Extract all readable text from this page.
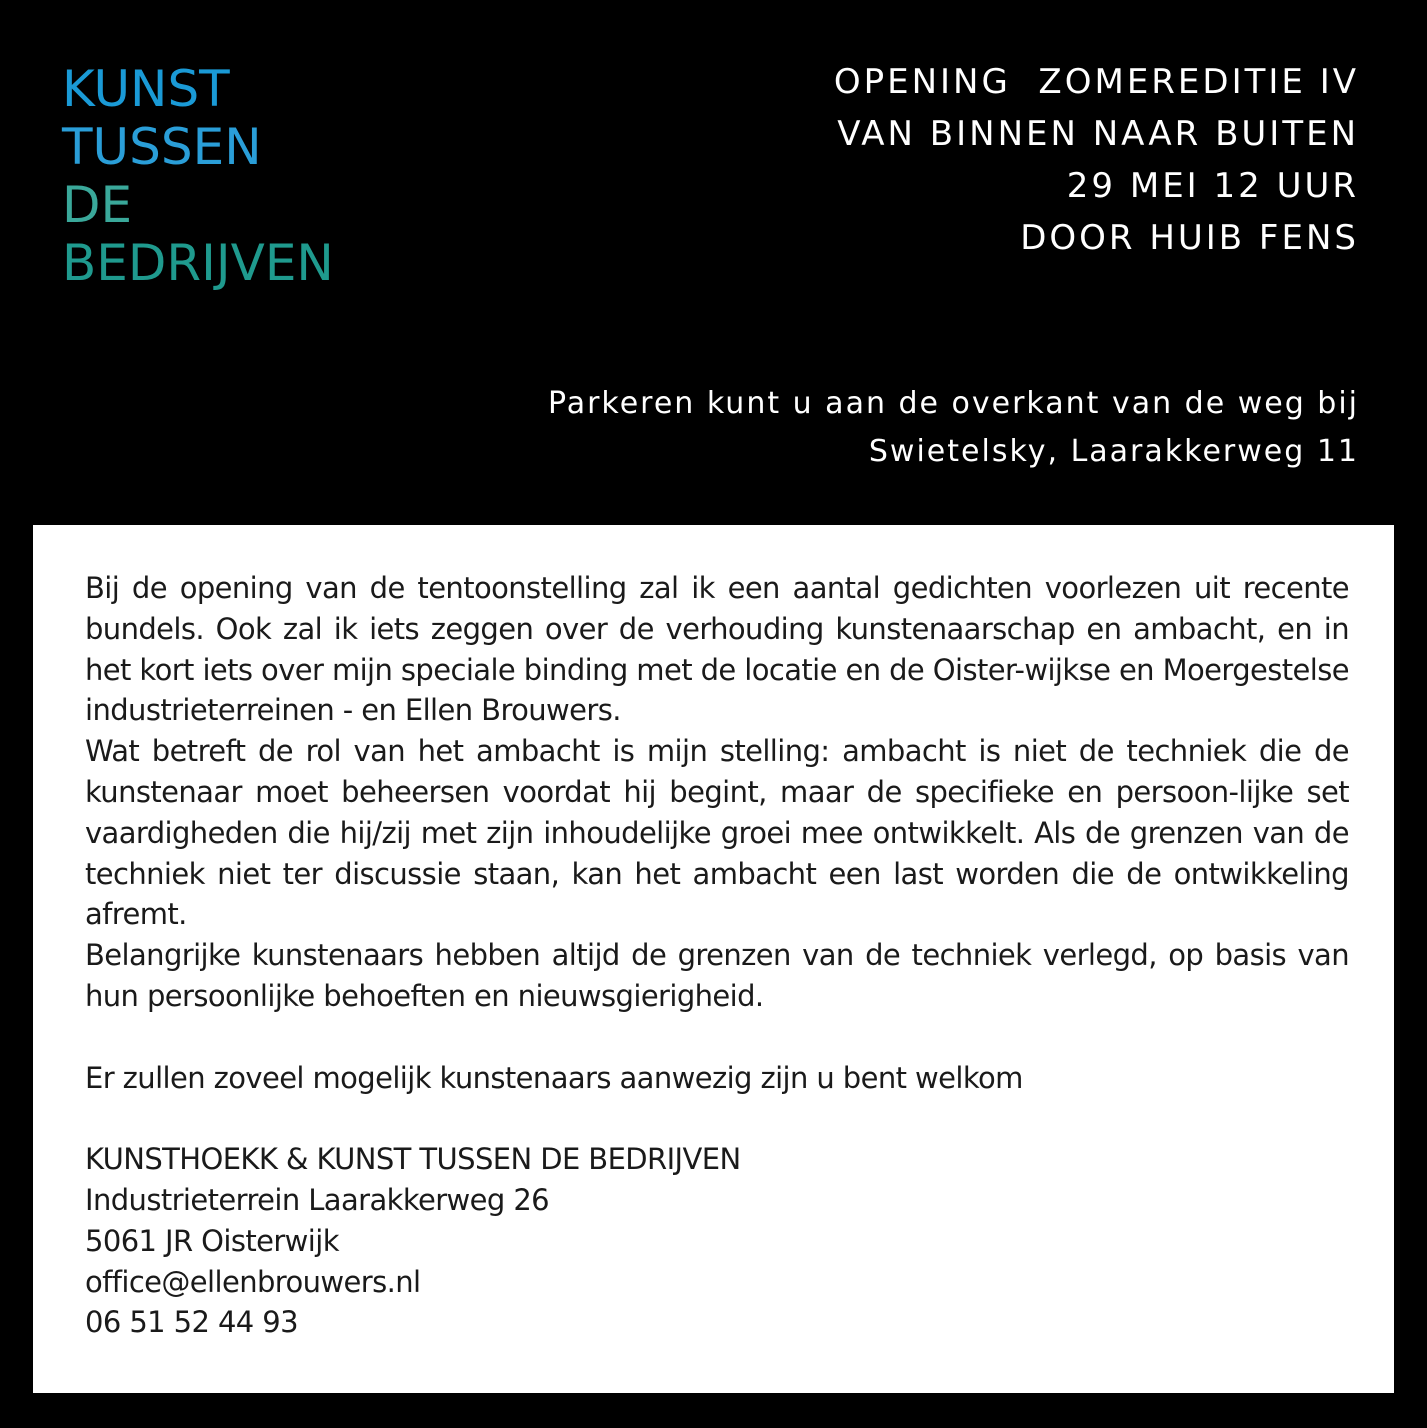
KUNST
TUSSEN
DE
BEDRIJVEN
OPENING  ZOMEREDITIE IV
VAN BINNEN NAAR BUITEN
29 MEI 12 UUR
DOOR HUIB FENS
Parkeren kunt u aan de overkant van de weg bij
Swietelsky, Laarakkerweg 11

Bij de opening van de tentoonstelling zal ik een aantal gedichten voorlezen uit recente bundels. Ook zal ik iets zeggen over de verhouding kunstenaarschap en ambacht, en in het kort iets over mijn speciale binding met de locatie en de Oister-wijkse en Moergestelse industrieterreinen - en Ellen Brouwers.

Wat betreft de rol van het ambacht is mijn stelling: ambacht is niet de techniek die de kunstenaar moet beheersen voordat hij begint, maar de specifieke en persoon-lijke set vaardigheden die hij/zij met zijn inhoudelijke groei mee ontwikkelt. Als de grenzen van de techniek niet ter discussie staan, kan het ambacht een last worden die de ontwikkeling afremt.

Belangrijke kunstenaars hebben altijd de grenzen van de techniek verlegd, op basis van hun persoonlijke behoeften en nieuwsgierigheid.

Er zullen zoveel mogelijk kunstenaars aanwezig zijn u bent welkom

KUNSTHOEKK & KUNST TUSSEN DE BEDRIJVEN
Industrieterrein Laarakkerweg 26
5061 JR Oisterwijk
office@ellenbrouwers.nl
06 51 52 44 93
